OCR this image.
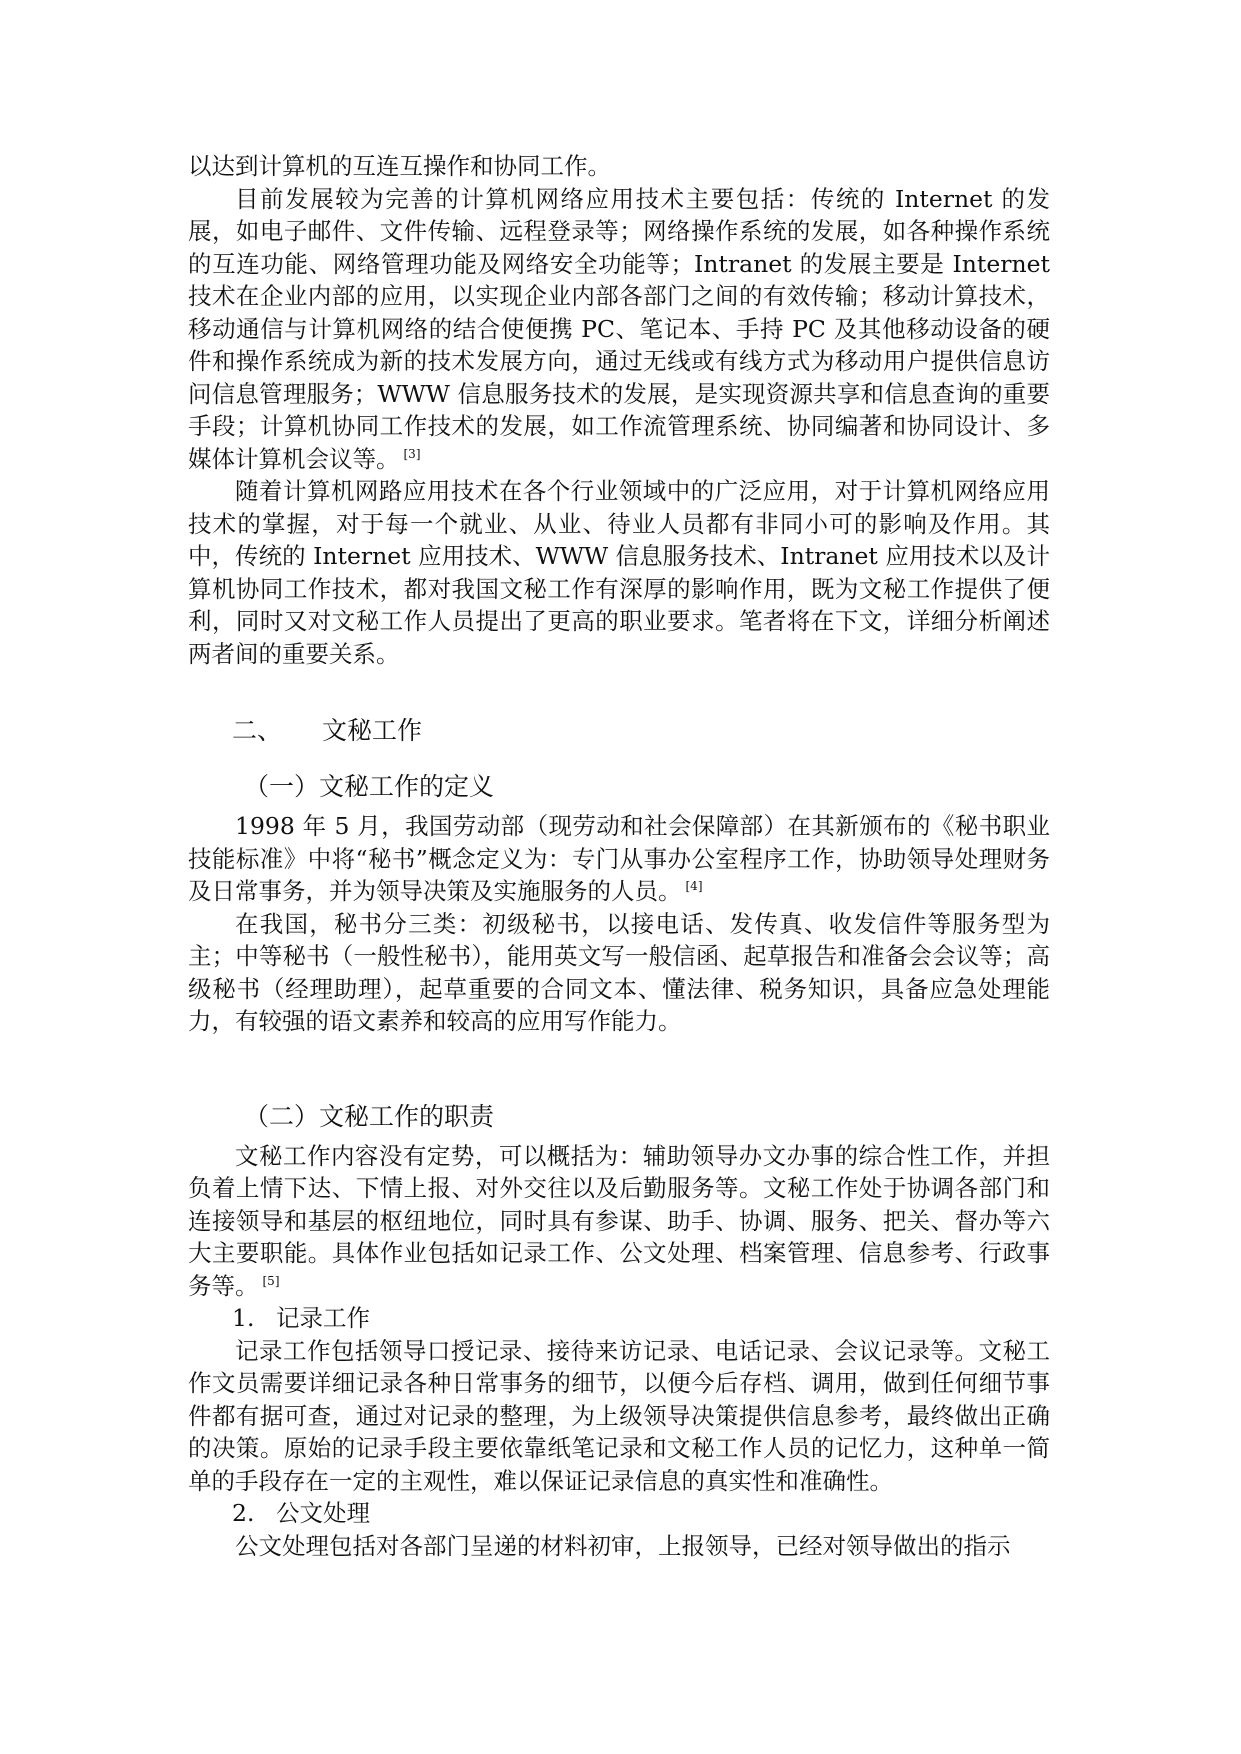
以达到计算机的互连互操作和协同工作。

目前发展较为完善的计算机网络应用技术主要包括：传统的 Internet 的发展，如电子邮件、文件传输、远程登录等；网络操作系统的发展，如各种操作系统的互连功能、网络管理功能及网络安全功能等；Intranet 的发展主要是 Internet 技术在企业内部的应用，以实现企业内部各部门之间的有效传输；移动计算技术，移动通信与计算机网络的结合使便携 PC、笔记本、手持 PC 及其他移动设备的硬件和操作系统成为新的技术发展方向，通过无线或有线方式为移动用户提供信息访问信息管理服务；WWW 信息服务技术的发展，是实现资源共享和信息查询的重要手段；计算机协同工作技术的发展，如工作流管理系统、协同编著和协同设计、多媒体计算机会议等。 [3]

随着计算机网路应用技术在各个行业领域中的广泛应用，对于计算机网络应用技术的掌握，对于每一个就业、从业、待业人员都有非同小可的影响及作用。其中，传统的 Internet 应用技术、WWW 信息服务技术、Intranet 应用技术以及计算机协同工作技术，都对我国文秘工作有深厚的影响作用，既为文秘工作提供了便利，同时又对文秘工作人员提出了更高的职业要求。笔者将在下文，详细分析阐述两者间的重要关系。

二、	文秘工作
（一）文秘工作的定义

1998 年 5 月，我国劳动部（现劳动和社会保障部）在其新颁布的《秘书职业技能标准》中将“秘书”概念定义为：专门从事办公室程序工作，协助领导处理财务及日常事务，并为领导决策及实施服务的人员。 [4]

在我国，秘书分三类：初级秘书，以接电话、发传真、收发信件等服务型为主；中等秘书（一般性秘书），能用英文写一般信函、起草报告和准备会会议等；高级秘书（经理助理），起草重要的合同文本、懂法律、税务知识，具备应急处理能力，有较强的语文素养和较高的应用写作能力。

（二）文秘工作的职责

文秘工作内容没有定势，可以概括为：辅助领导办文办事的综合性工作，并担负着上情下达、下情上报、对外交往以及后勤服务等。文秘工作处于协调各部门和连接领导和基层的枢纽地位，同时具有参谋、助手、协调、服务、把关、督办等六大主要职能。具体作业包括如记录工作、公文处理、档案管理、信息参考、行政事务等。 [5]

1. 记录工作

记录工作包括领导口授记录、接待来访记录、电话记录、会议记录等。文秘工作文员需要详细记录各种日常事务的细节，以便今后存档、调用，做到任何细节事件都有据可查，通过对记录的整理，为上级领导决策提供信息参考，最终做出正确的决策。原始的记录手段主要依靠纸笔记录和文秘工作人员的记忆力，这种单一简单的手段存在一定的主观性，难以保证记录信息的真实性和准确性。

2. 公文处理

公文处理包括对各部门呈递的材料初审，上报领导，已经对领导做出的指示
